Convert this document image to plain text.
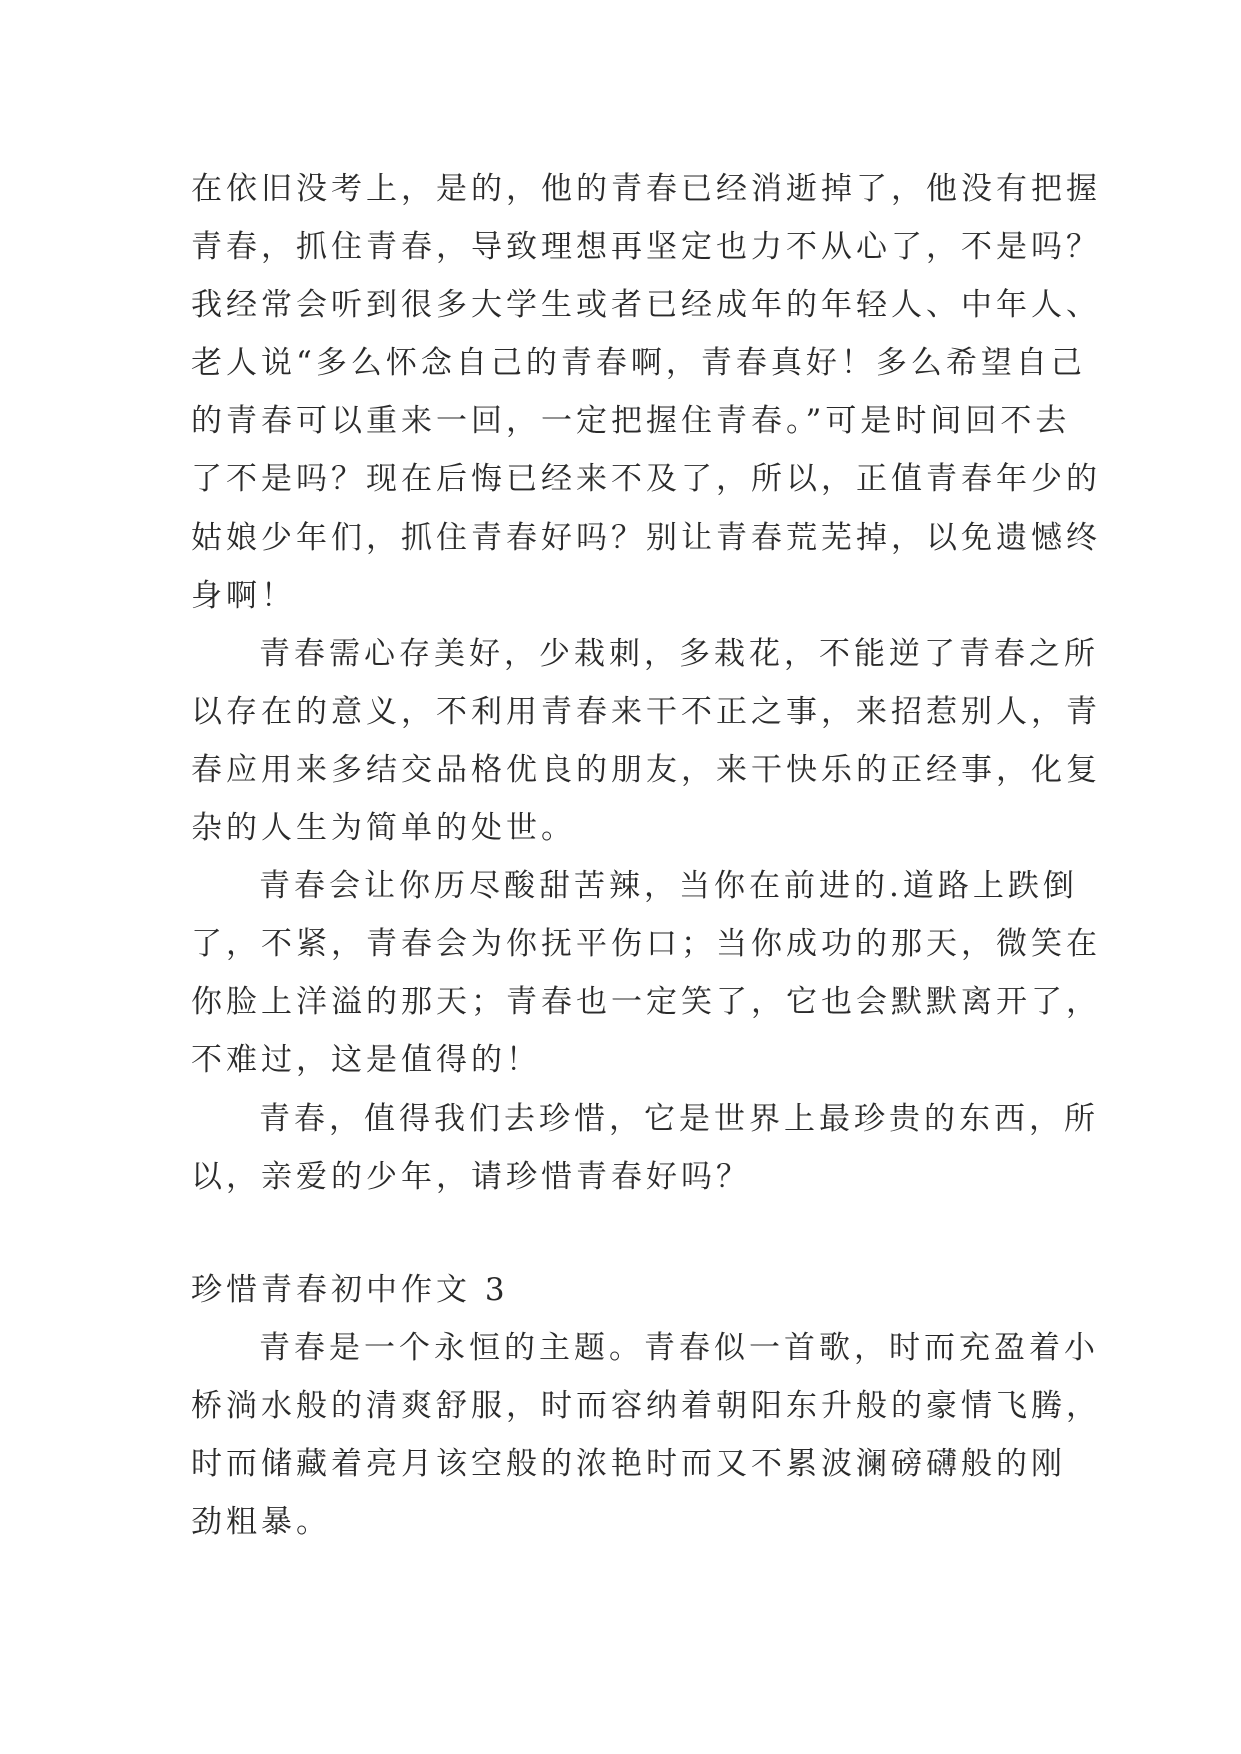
在依旧没考上，是的，他的青春已经消逝掉了，他没有把握
青春，抓住青春，导致理想再坚定也力不从心了，不是吗？
我经常会听到很多大学生或者已经成年的年轻人、中年人、
老人说“多么怀念自己的青春啊，青春真好！多么希望自己
的青春可以重来一回，一定把握住青春。”可是时间回不去
了不是吗？现在后悔已经来不及了，所以，正值青春年少的
姑娘少年们，抓住青春好吗？别让青春荒芜掉，以免遗憾终
身啊！
青春需心存美好，少栽刺，多栽花，不能逆了青春之所
以存在的意义，不利用青春来干不正之事，来招惹别人，青
春应用来多结交品格优良的朋友，来干快乐的正经事，化复
杂的人生为简单的处世。
青春会让你历尽酸甜苦辣，当你在前进的.道路上跌倒
了，不紧，青春会为你抚平伤口；当你成功的那天，微笑在
你脸上洋溢的那天；青春也一定笑了，它也会默默离开了，
不难过，这是值得的！
青春，值得我们去珍惜，它是世界上最珍贵的东西，所
以，亲爱的少年，请珍惜青春好吗？
珍惜青春初中作文 3
青春是一个永恒的主题。青春似一首歌，时而充盈着小
桥淌水般的清爽舒服，时而容纳着朝阳东升般的豪情飞腾，
时而储藏着亮月该空般的浓艳时而又不累波澜磅礴般的刚
劲粗暴。
